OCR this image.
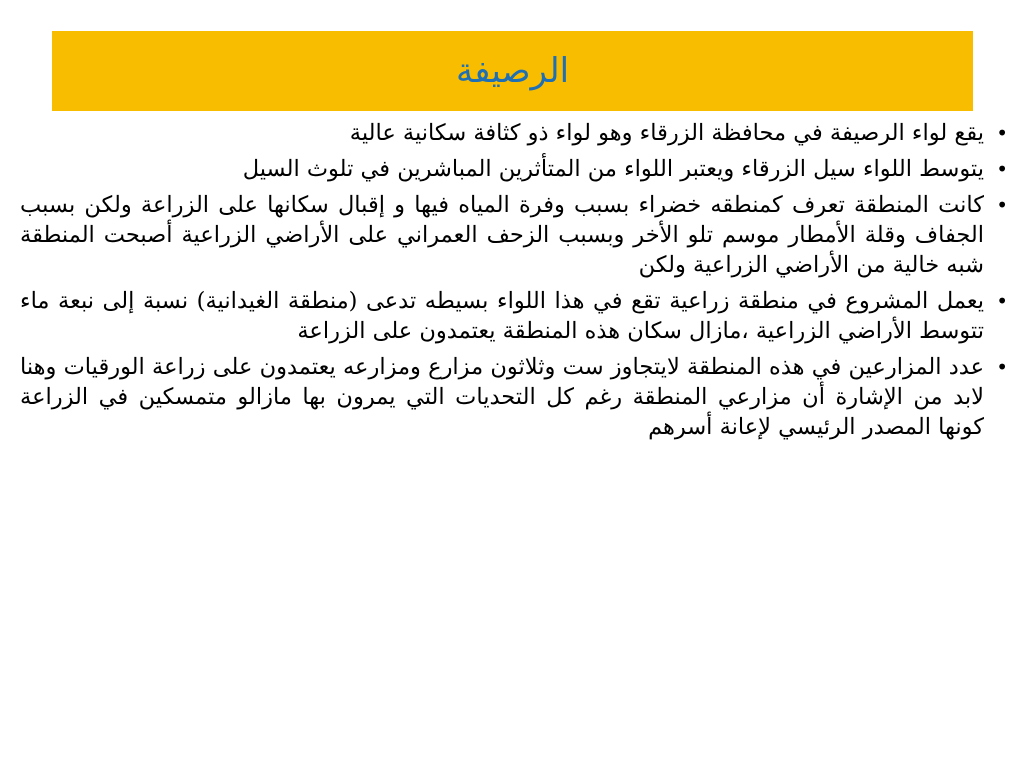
الرصيفة
•
يقع لواء الرصيفة في محافظة الزرقاء وهو لواء ذو كثافة سكانية عالية
•
يتوسط اللواء سيل الزرقاء ويعتبر اللواء من المتأثرين المباشرين في تلوث السيل
•
كانت المنطقة تعرف كمنطقه خضراء بسبب وفرة المياه فيها و إقبال سكانها على الزراعة ولكن بسبب الجفاف وقلة الأمطار موسم تلو الأخر وبسبب الزحف العمراني على الأراضي الزراعية أصبحت المنطقة شبه خالية من الأراضي الزراعية ولكن
•
يعمل المشروع في منطقة زراعية تقع في هذا اللواء بسيطه تدعى (منطقة الغيدانية) نسبة إلى نبعة ماء تتوسط الأراضي الزراعية ،مازال سكان هذه المنطقة يعتمدون على الزراعة
•
عدد المزارعين في هذه المنطقة لايتجاوز ست وثلاثون مزارع ومزارعه يعتمدون على زراعة الورقيات وهنا لابد من الإشارة أن مزارعي المنطقة رغم كل التحديات التي يمرون بها مازالو متمسكين في الزراعة كونها المصدر الرئيسي لإعانة أسرهم
